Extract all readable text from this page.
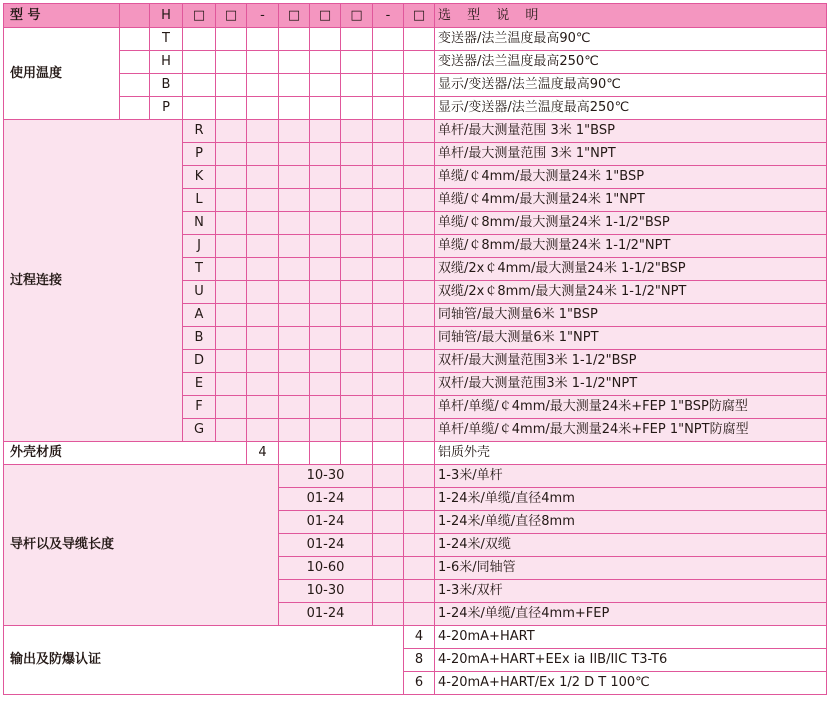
型 号		H	□	□	-	□	□	□	-	□	选 型 说 明
使用温度		T									变送器/法兰温度最高90℃
		H									变送器/法兰温度最高250℃
		B									显示/变送器/法兰温度最高90℃
		P									显示/变送器/法兰温度最高250℃
过程连接			R								单杆/最大测量范围 3米 1"BSP
			P								单杆/最大测量范围 3米 1"NPT
			K								单缆/￠4mm/最大测量24米 1"BSP
			L								单缆/￠4mm/最大测量24米 1"NPT
			N								单缆/￠8mm/最大测量24米 1-1/2"BSP
			J								单缆/￠8mm/最大测量24米 1-1/2"NPT
			T								双缆/2x￠4mm/最大测量24米 1-1/2"BSP
			U								双缆/2x￠8mm/最大测量24米 1-1/2"NPT
			A								同轴管/最大测量6米 1"BSP
			B								同轴管/最大测量6米 1"NPT
			D								双杆/最大测量范围3米 1-1/2"BSP
			E								双杆/最大测量范围3米 1-1/2"NPT
			F								单杆/单缆/￠4mm/最大测量24米+FEP 1"BSP防腐型
			G								单杆/单缆/￠4mm/最大测量24米+FEP 1"NPT防腐型
外壳材质					4						铝质外壳
导杆以及导缆长度						10-30					1-3米/单杆
						01-24					1-24米/单缆/直径4mm
						01-24					1-24米/单缆/直径8mm
						01-24					1-24米/双缆
						10-60					1-6米/同轴管
						10-30					1-3米/双杆
						01-24					1-24米/单缆/直径4mm+FEP
输出及防爆认证										4	4-20mA+HART
										8	4-20mA+HART+EEx ia IIB/IIC T3-T6
										6	4-20mA+HART/Ex 1/2 D T 100℃
